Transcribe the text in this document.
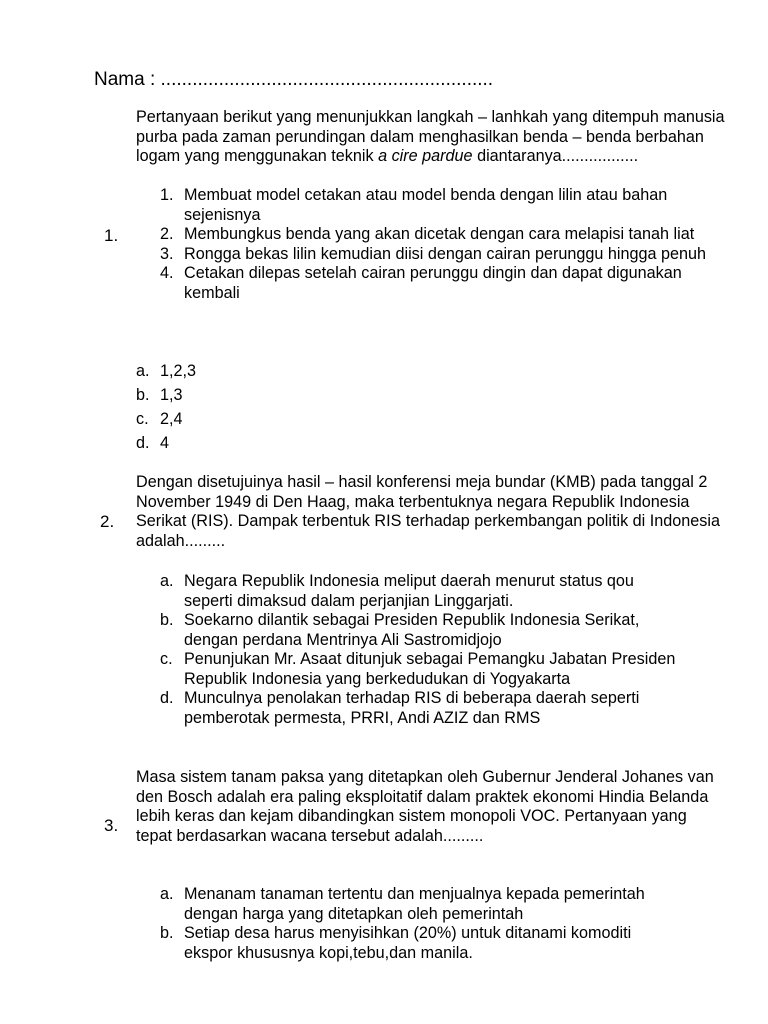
Nama : ...............................................................
1.

Pertanyaan berikut yang menunjukkan langkah – lanhkah yang ditempuh manusia purba pada zaman perundingan dalam menghasilkan benda – benda berbahan logam yang menggunakan teknik a cire pardue diantaranya.................

1. Membuat model cetakan atau model benda dengan lilin atau bahan sejenisnya
2. Membungkus benda yang akan dicetak dengan cara melapisi tanah liat
3. Rongga bekas lilin kemudian diisi dengan cairan perunggu hingga penuh
4. Cetakan dilepas setelah cairan perunggu dingin dan dapat digunakan kembali
a. 1,2,3
b. 1,3
c. 2,4
d. 4
2.
Dengan disetujuinya hasil – hasil konferensi meja bundar (KMB) pada tanggal 2 November 1949 di Den Haag, maka terbentuknya negara Republik Indonesia Serikat (RIS). Dampak terbentuk RIS terhadap perkembangan politik di Indonesia adalah.........
a. Negara Republik Indonesia meliput daerah menurut status qou seperti dimaksud dalam perjanjian Linggarjati.
b. Soekarno dilantik sebagai Presiden Republik Indonesia Serikat, dengan perdana Mentrinya Ali Sastromidjojo
c. Penunjukan Mr. Asaat ditunjuk sebagai Pemangku Jabatan Presiden Republik Indonesia yang berkedudukan di Yogyakarta
d. Munculnya penolakan terhadap RIS di beberapa daerah seperti pemberotak permesta, PRRI, Andi AZIZ dan RMS
3.
Masa sistem tanam paksa yang ditetapkan oleh Gubernur Jenderal Johanes van den Bosch adalah era paling eksploitatif dalam praktek ekonomi Hindia Belanda lebih keras dan kejam dibandingkan sistem monopoli VOC. Pertanyaan yang tepat berdasarkan wacana tersebut adalah.........
a. Menanam tanaman tertentu dan menjualnya kepada pemerintah dengan harga yang ditetapkan oleh pemerintah
b. Setiap desa harus menyisihkan (20%) untuk ditanami komoditi ekspor khususnya kopi,tebu,dan manila.
